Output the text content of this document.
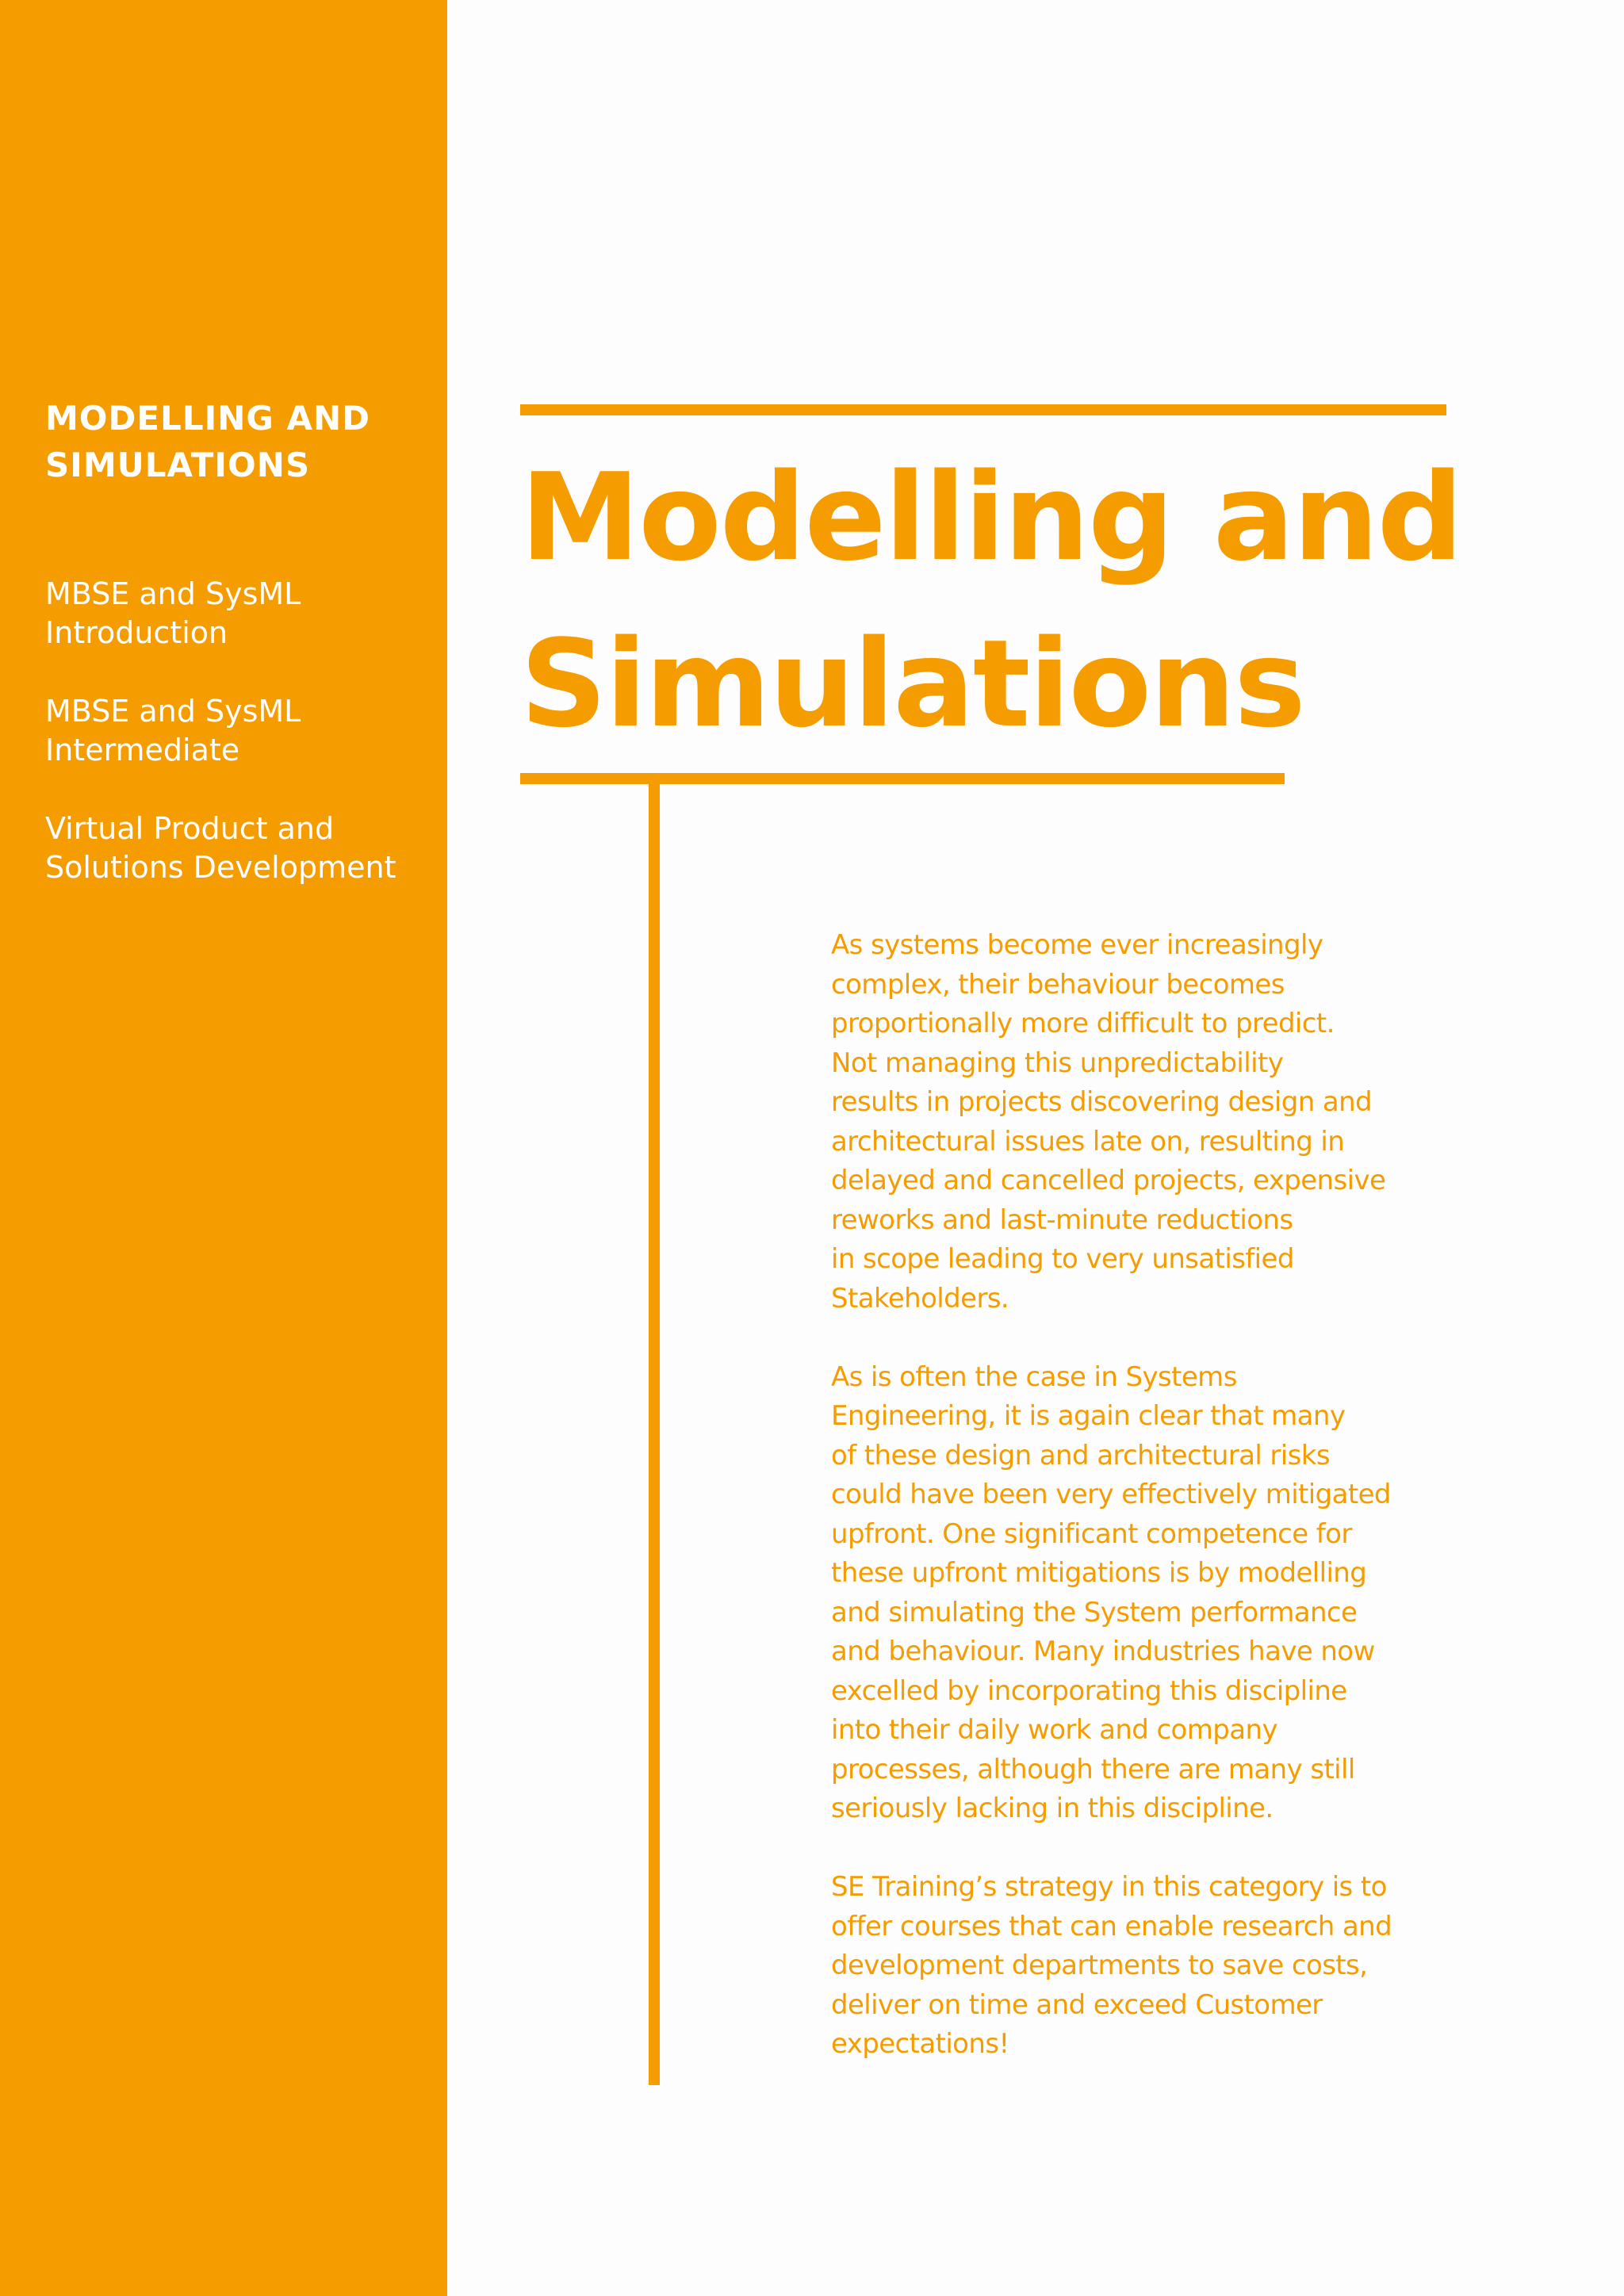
MODELLING AND
SIMULATIONS
MBSE and SysML
Introduction
MBSE and SysML
Intermediate
Virtual Product and
Solutions Development
Modelling and
Simulations

As systems become ever increasingly
complex, their behaviour becomes
proportionally more difficult to predict.
Not managing this unpredictability
results in projects discovering design and
architectural issues late on, resulting in
delayed and cancelled projects, expensive
reworks and last-minute reductions
in scope leading to very unsatisfied
Stakeholders.

As is often the case in Systems
Engineering, it is again clear that many
of these design and architectural risks
could have been very effectively mitigated
upfront. One significant competence for
these upfront mitigations is by modelling
and simulating the System performance
and behaviour. Many industries have now
excelled by incorporating this discipline
into their daily work and company
processes, although there are many still
seriously lacking in this discipline.

SE Training’s strategy in this category is to
offer courses that can enable research and
development departments to save costs,
deliver on time and exceed Customer
expectations!
